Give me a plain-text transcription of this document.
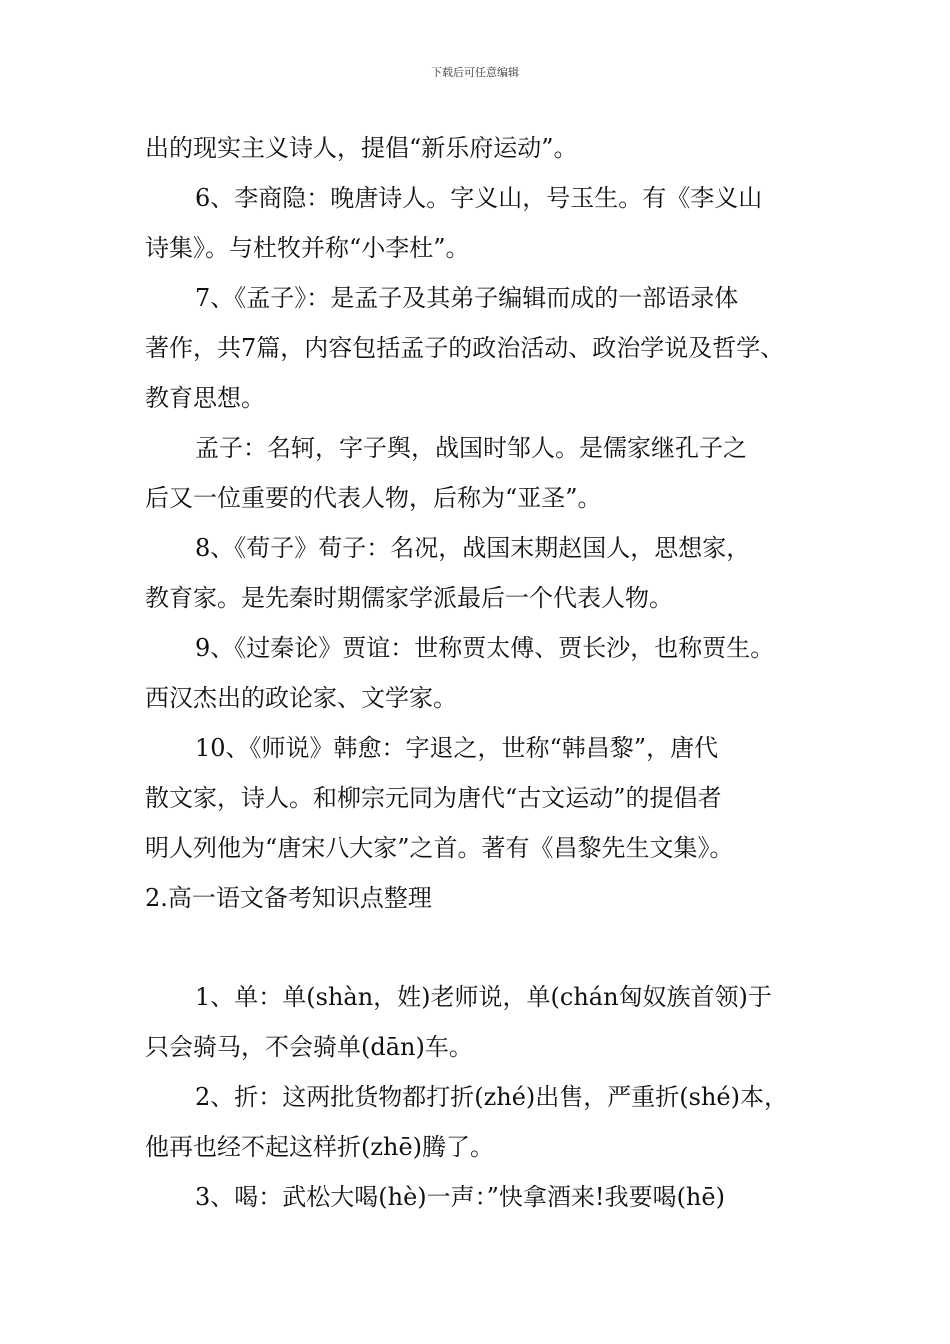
下载后可任意编辑
出的现实主义诗人，提倡“新乐府运动”。
6、李商隐：晚唐诗人。字义山，号玉生。有《李义山
诗集》。与杜牧并称“小李杜”。
7、《孟子》：是孟子及其弟子编辑而成的一部语录体
著作，共7篇，内容包括孟子的政治活动、政治学说及哲学、
教育思想。
孟子：名轲，字子舆，战国时邹人。是儒家继孔子之
后又一位重要的代表人物，后称为“亚圣”。
8、《荀子》荀子：名况，战国末期赵国人，思想家，
教育家。是先秦时期儒家学派最后一个代表人物。
9、《过秦论》贾谊：世称贾太傅、贾长沙，也称贾生。
西汉杰出的政论家、文学家。
10、《师说》韩愈：字退之，世称“韩昌黎”，唐代
散文家，诗人。和柳宗元同为唐代“古文运动”的提倡者
明人列他为“唐宋八大家”之首。著有《昌黎先生文集》。
2.高一语文备考知识点整理
1、单：单(shàn，姓)老师说，单(chán匈奴族首领)于
只会骑马，不会骑单(dān)车。
2、折：这两批货物都打折(zhé)出售，严重折(shé)本，
他再也经不起这样折(zhē)腾了。
3、喝：武松大喝(hè)一声：”快拿酒来!我要喝(hē)
